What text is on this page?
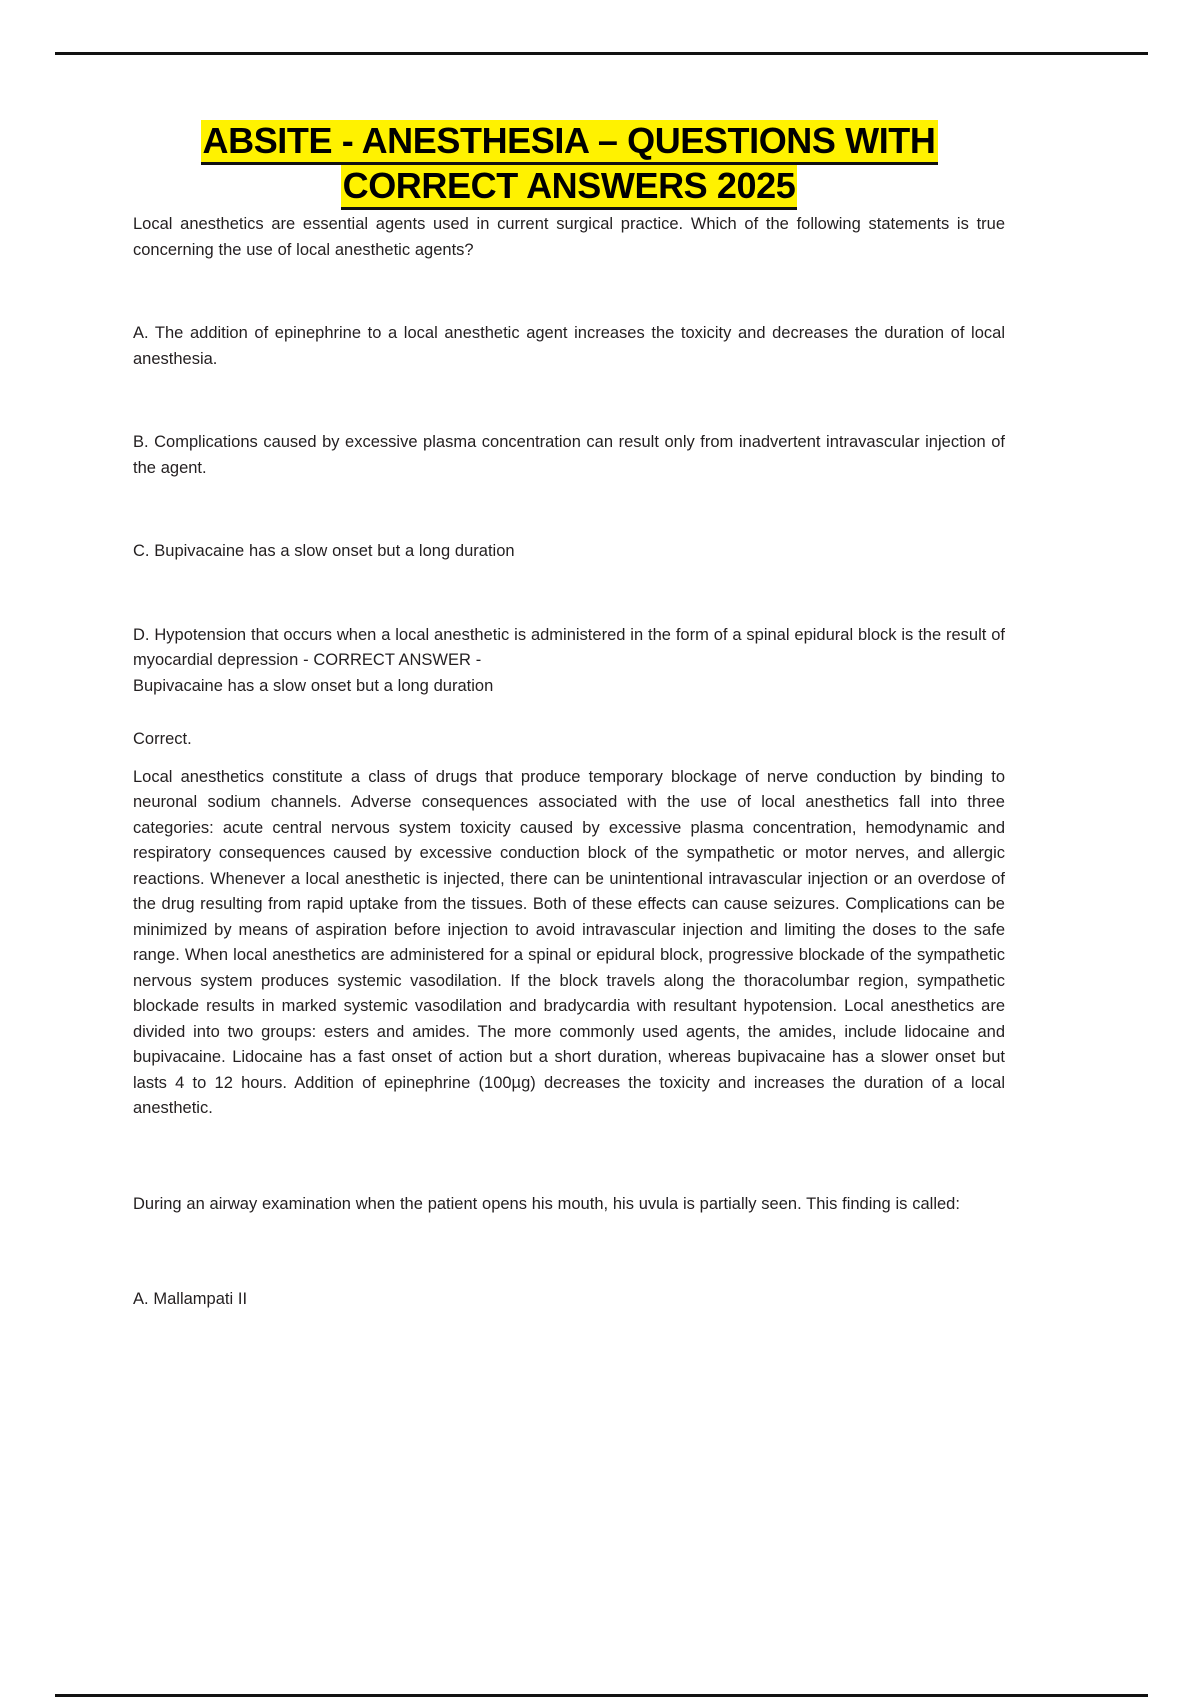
ABSITE - ANESTHESIA – QUESTIONS WITH
CORRECT ANSWERS 2025

Local anesthetics are essential agents used in current surgical practice. Which of the following statements is true concerning the use of local anesthetic agents?

A. The addition of epinephrine to a local anesthetic agent increases the toxicity and decreases the duration of local anesthesia.

B. Complications caused by excessive plasma concentration can result only from inadvertent intravascular injection of the agent.

C. Bupivacaine has a slow onset but a long duration

D. Hypotension that occurs when a local anesthetic is administered in the form of a spinal epidural block is the result of myocardial depression - CORRECT ANSWER -

Bupivacaine has a slow onset but a long duration

Correct.

Local anesthetics constitute a class of drugs that produce temporary blockage of nerve conduction by binding to neuronal sodium channels. Adverse consequences associated with the use of local anesthetics fall into three categories: acute central nervous system toxicity caused by excessive plasma concentration, hemodynamic and respiratory consequences caused by excessive conduction block of the sympathetic or motor nerves, and allergic reactions. Whenever a local anesthetic is injected, there can be unintentional intravascular injection or an overdose of the drug resulting from rapid uptake from the tissues. Both of these effects can cause seizures. Complications can be minimized by means of aspiration before injection to avoid intravascular injection and limiting the doses to the safe range. When local anesthetics are administered for a spinal or epidural block, progressive blockade of the sympathetic nervous system produces systemic vasodilation. If the block travels along the thoracolumbar region, sympathetic blockade results in marked systemic vasodilation and bradycardia with resultant hypotension. Local anesthetics are divided into two groups: esters and amides. The more commonly used agents, the amides, include lidocaine and bupivacaine. Lidocaine has a fast onset of action but a short duration, whereas bupivacaine has a slower onset but lasts 4 to 12 hours. Addition of epinephrine (100µg) decreases the toxicity and increases the duration of a local anesthetic.

During an airway examination when the patient opens his mouth, his uvula is partially seen. This finding is called:

A. Mallampati II
